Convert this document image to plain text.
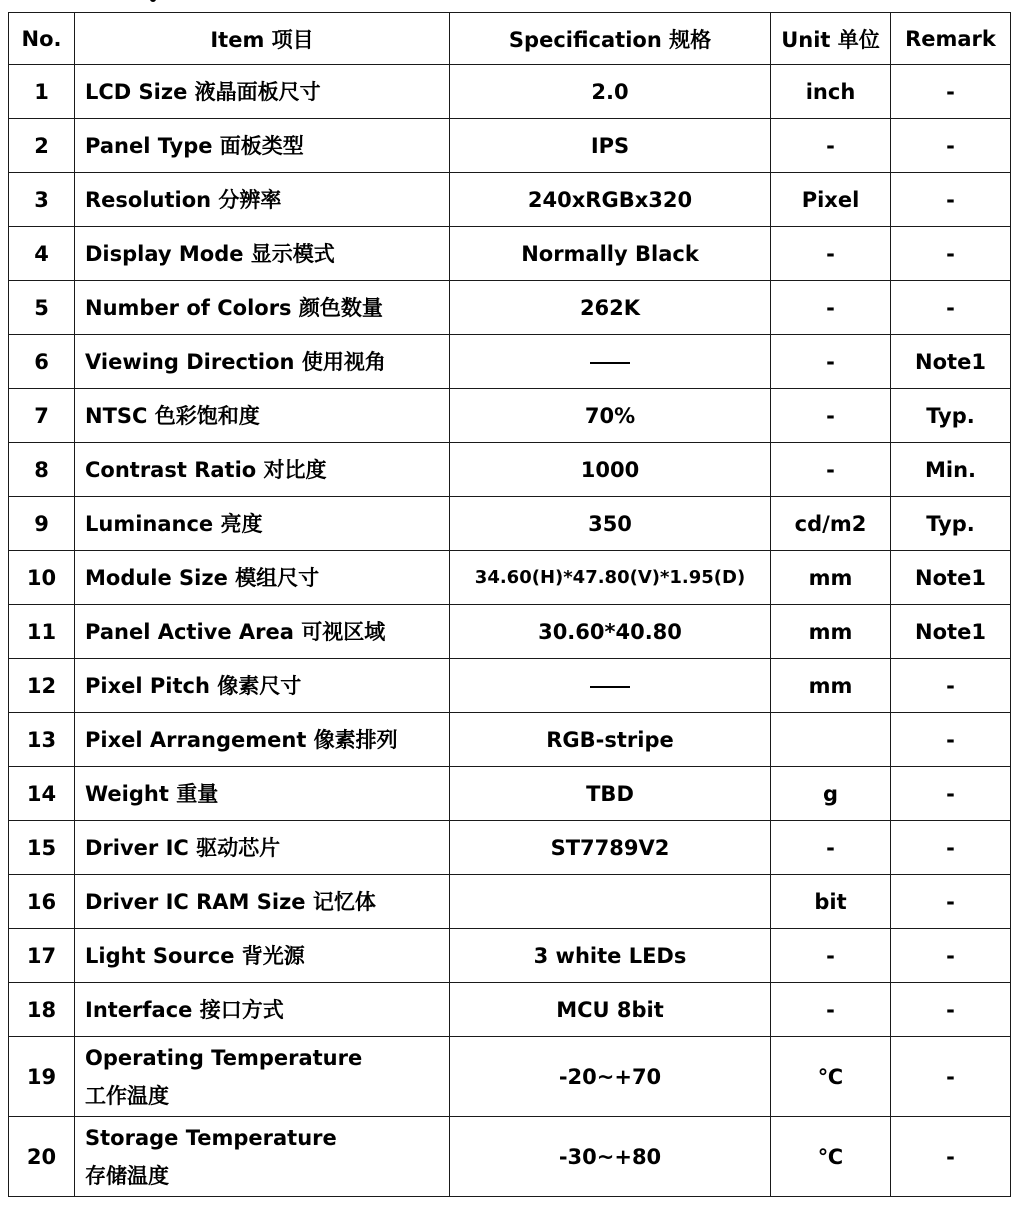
No.	Item 项目	Specification 规格	Unit 单位	Remark
1	LCD Size 液晶面板尺寸	2.0	inch	-
2	Panel Type 面板类型	IPS	-	-
3	Resolution 分辨率	240xRGBx320	Pixel	-
4	Display Mode 显示模式	Normally Black	-	-
5	Number of Colors 颜色数量	262K	-	-
6	Viewing Direction 使用视角		-	Note1
7	NTSC 色彩饱和度	70%	-	Typ.
8	Contrast Ratio 对比度	1000	-	Min.
9	Luminance 亮度	350	cd/m2	Typ.
10	Module Size 模组尺寸	34.60(H)*47.80(V)*1.95(D)	mm	Note1
11	Panel Active Area 可视区域	30.60*40.80	mm	Note1
12	Pixel Pitch 像素尺寸		mm	-
13	Pixel Arrangement 像素排列	RGB-stripe		-
14	Weight 重量	TBD	g	-
15	Driver IC 驱动芯片	ST7789V2	-	-
16	Driver IC RAM Size 记忆体		bit	-
17	Light Source 背光源	3 white LEDs	-	-
18	Interface 接口方式	MCU 8bit	-	-
19	Operating Temperature
工作温度	-20~+70	℃	-
20	Storage Temperature
存储温度	-30~+80	℃	-
